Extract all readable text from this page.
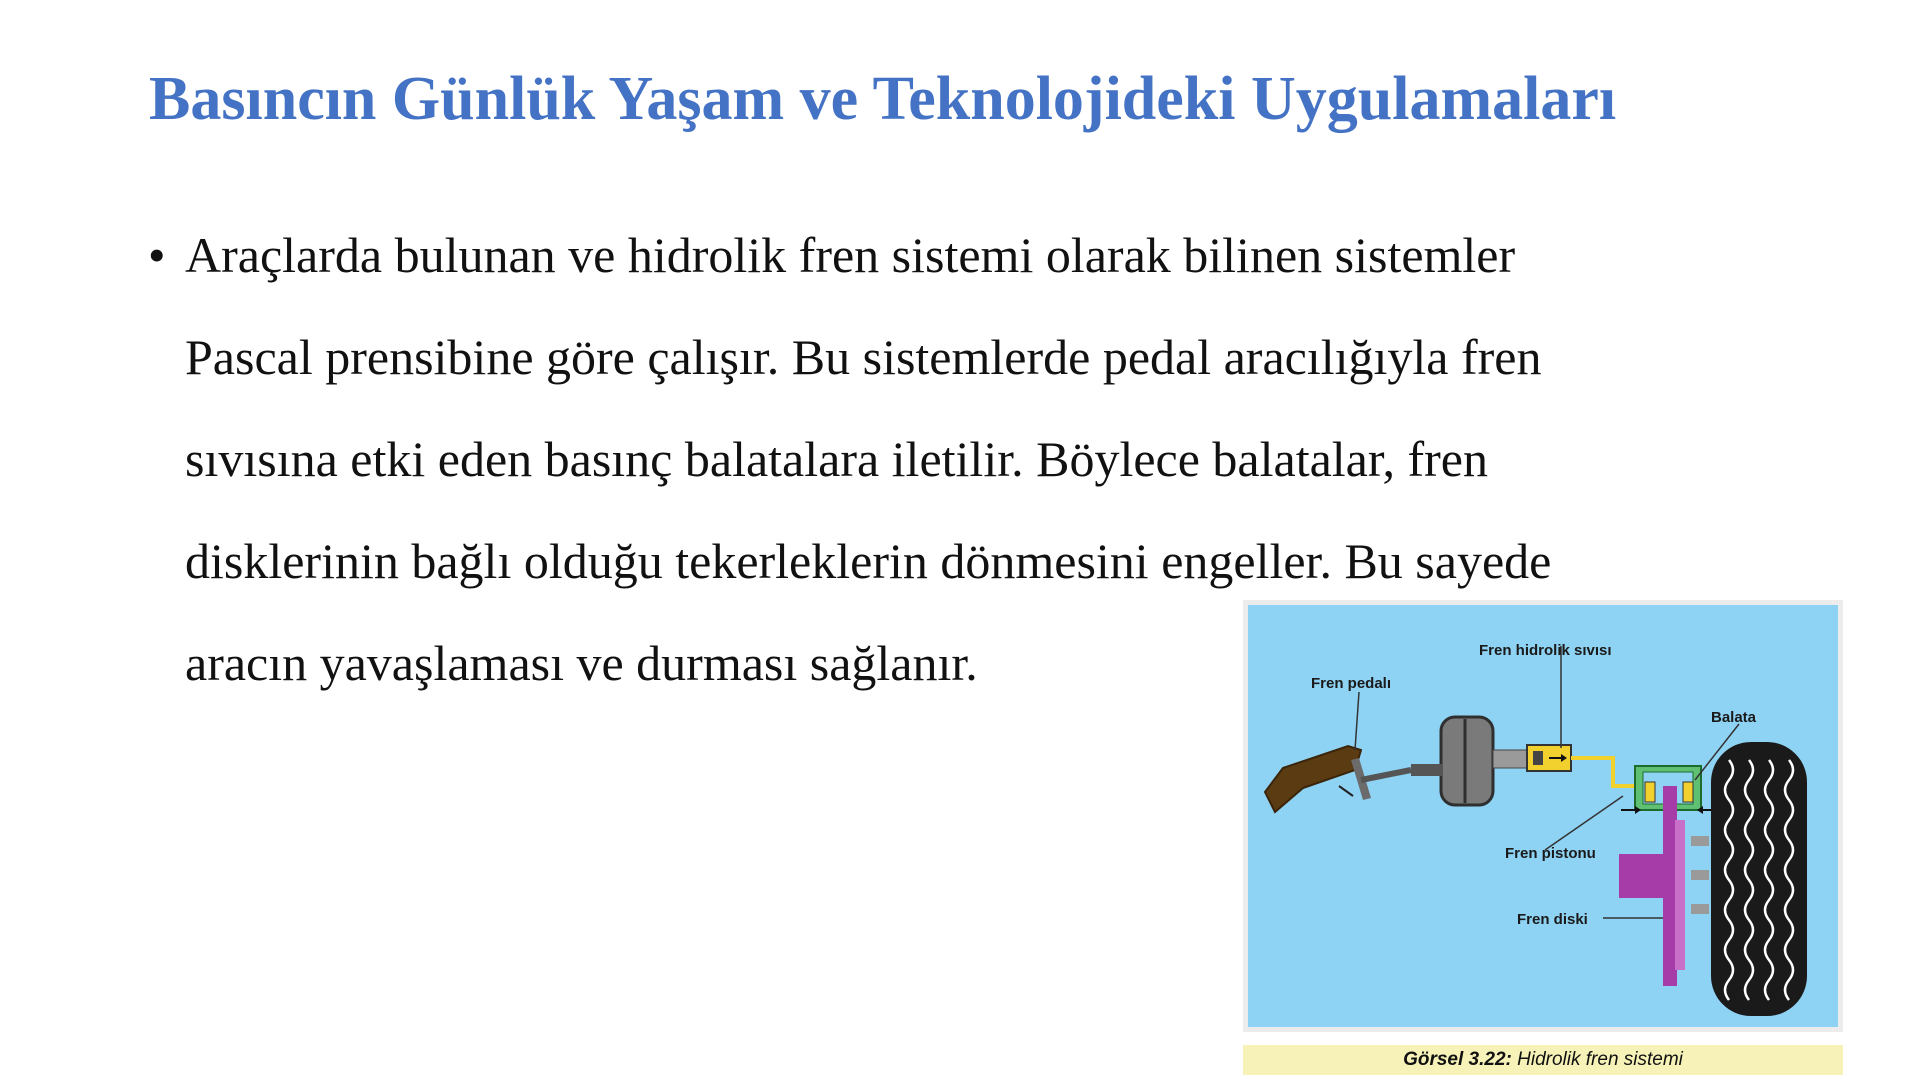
Basıncın Günlük Yaşam ve Teknolojideki Uygulamaları
• Araçlarda bulunan ve hidrolik fren sistemi olarak bilinen sistemler
Pascal prensibine göre çalışır. Bu sistemlerde pedal aracılığıyla fren
sıvısına etki eden basınç balatalara iletilir. Böylece balatalar, fren
disklerinin bağlı olduğu tekerleklerin dönmesini engeller. Bu sayede
aracın yavaşlaması ve durması sağlanır.	Fren hidrolik sıvısı
Fren pedalı
Balata
Fren pistonu
Fren diski
Görsel 3.22: Hidrolik fren sistemi
